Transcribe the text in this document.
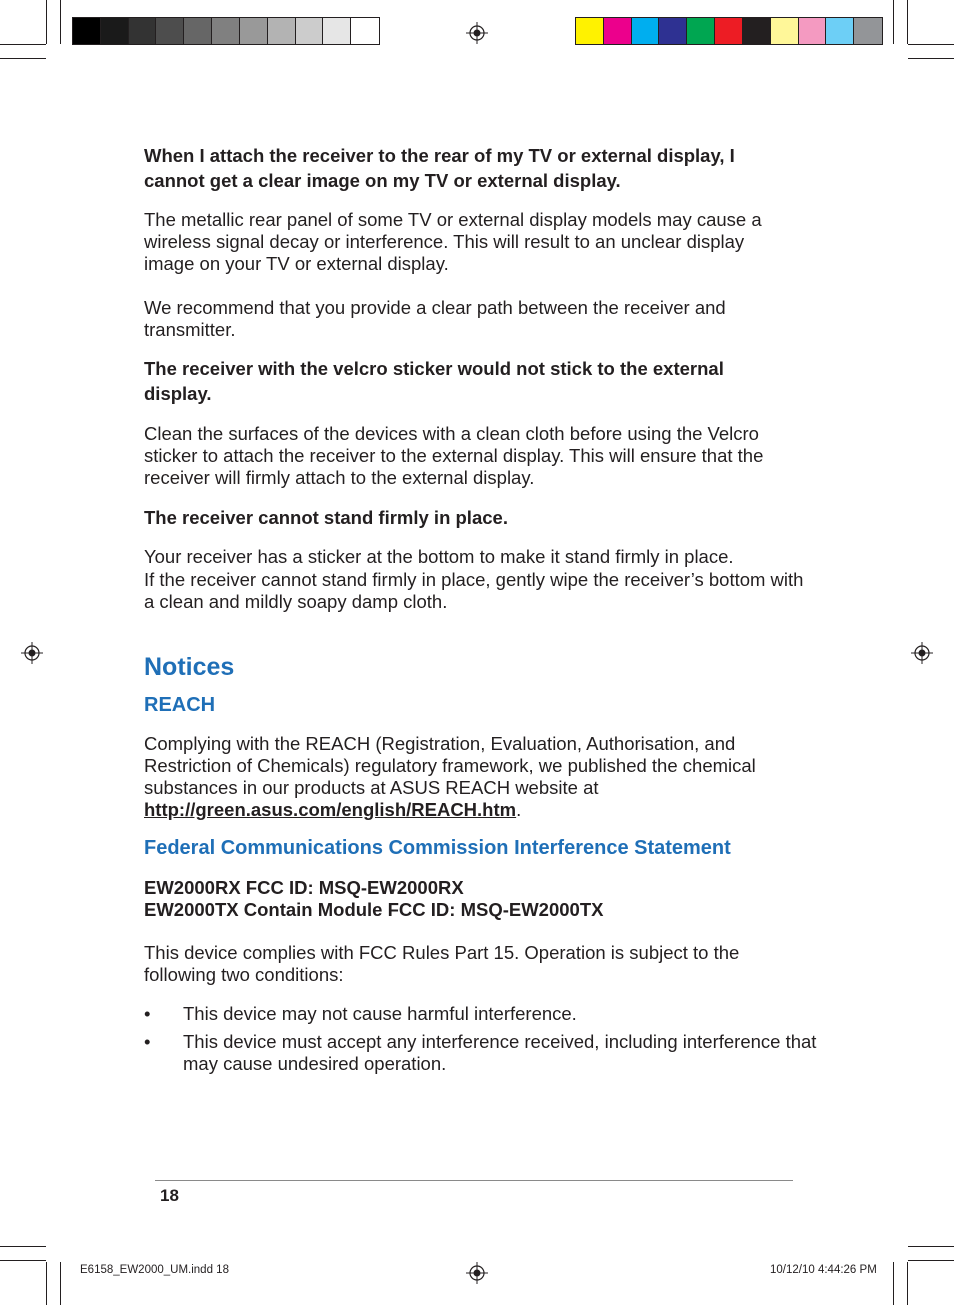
When I attach the receiver to the rear of my TV or external display, I cannot get a clear image on my TV or external display.
The metallic rear panel of some TV or external display models may cause a wireless signal decay or interference. This will result to an unclear display image on your TV or external display.
We recommend that you provide a clear path between the receiver and transmitter.
The receiver with the velcro sticker would not stick to the external display.
Clean the surfaces of the devices with a clean cloth before using the Velcro sticker to attach the receiver to the external display. This will ensure that the receiver will firmly attach to the external display.
The receiver cannot stand firmly in place.
Your receiver has a sticker at the bottom to make it stand firmly in place.
If the receiver cannot stand firmly in place, gently wipe the receiver’s bottom with a clean and mildly soapy damp cloth.
Notices
REACH
Complying with the REACH (Registration, Evaluation, Authorisation, and Restriction of Chemicals) regulatory framework, we published the chemical substances in our products at ASUS REACH website at
http://green.asus.com/english/REACH.htm.
Federal Communications Commission Interference Statement
EW2000RX FCC ID: MSQ-EW2000RX
EW2000TX Contain Module FCC ID: MSQ-EW2000TX
This device complies with FCC Rules Part 15. Operation is subject to the following two conditions:
•	This device may not cause harmful interference.
•	This device must accept any interference received, including interference that may cause undesired operation.
18
E6158_EW2000_UM.indd 18	10/12/10 4:44:26 PM
